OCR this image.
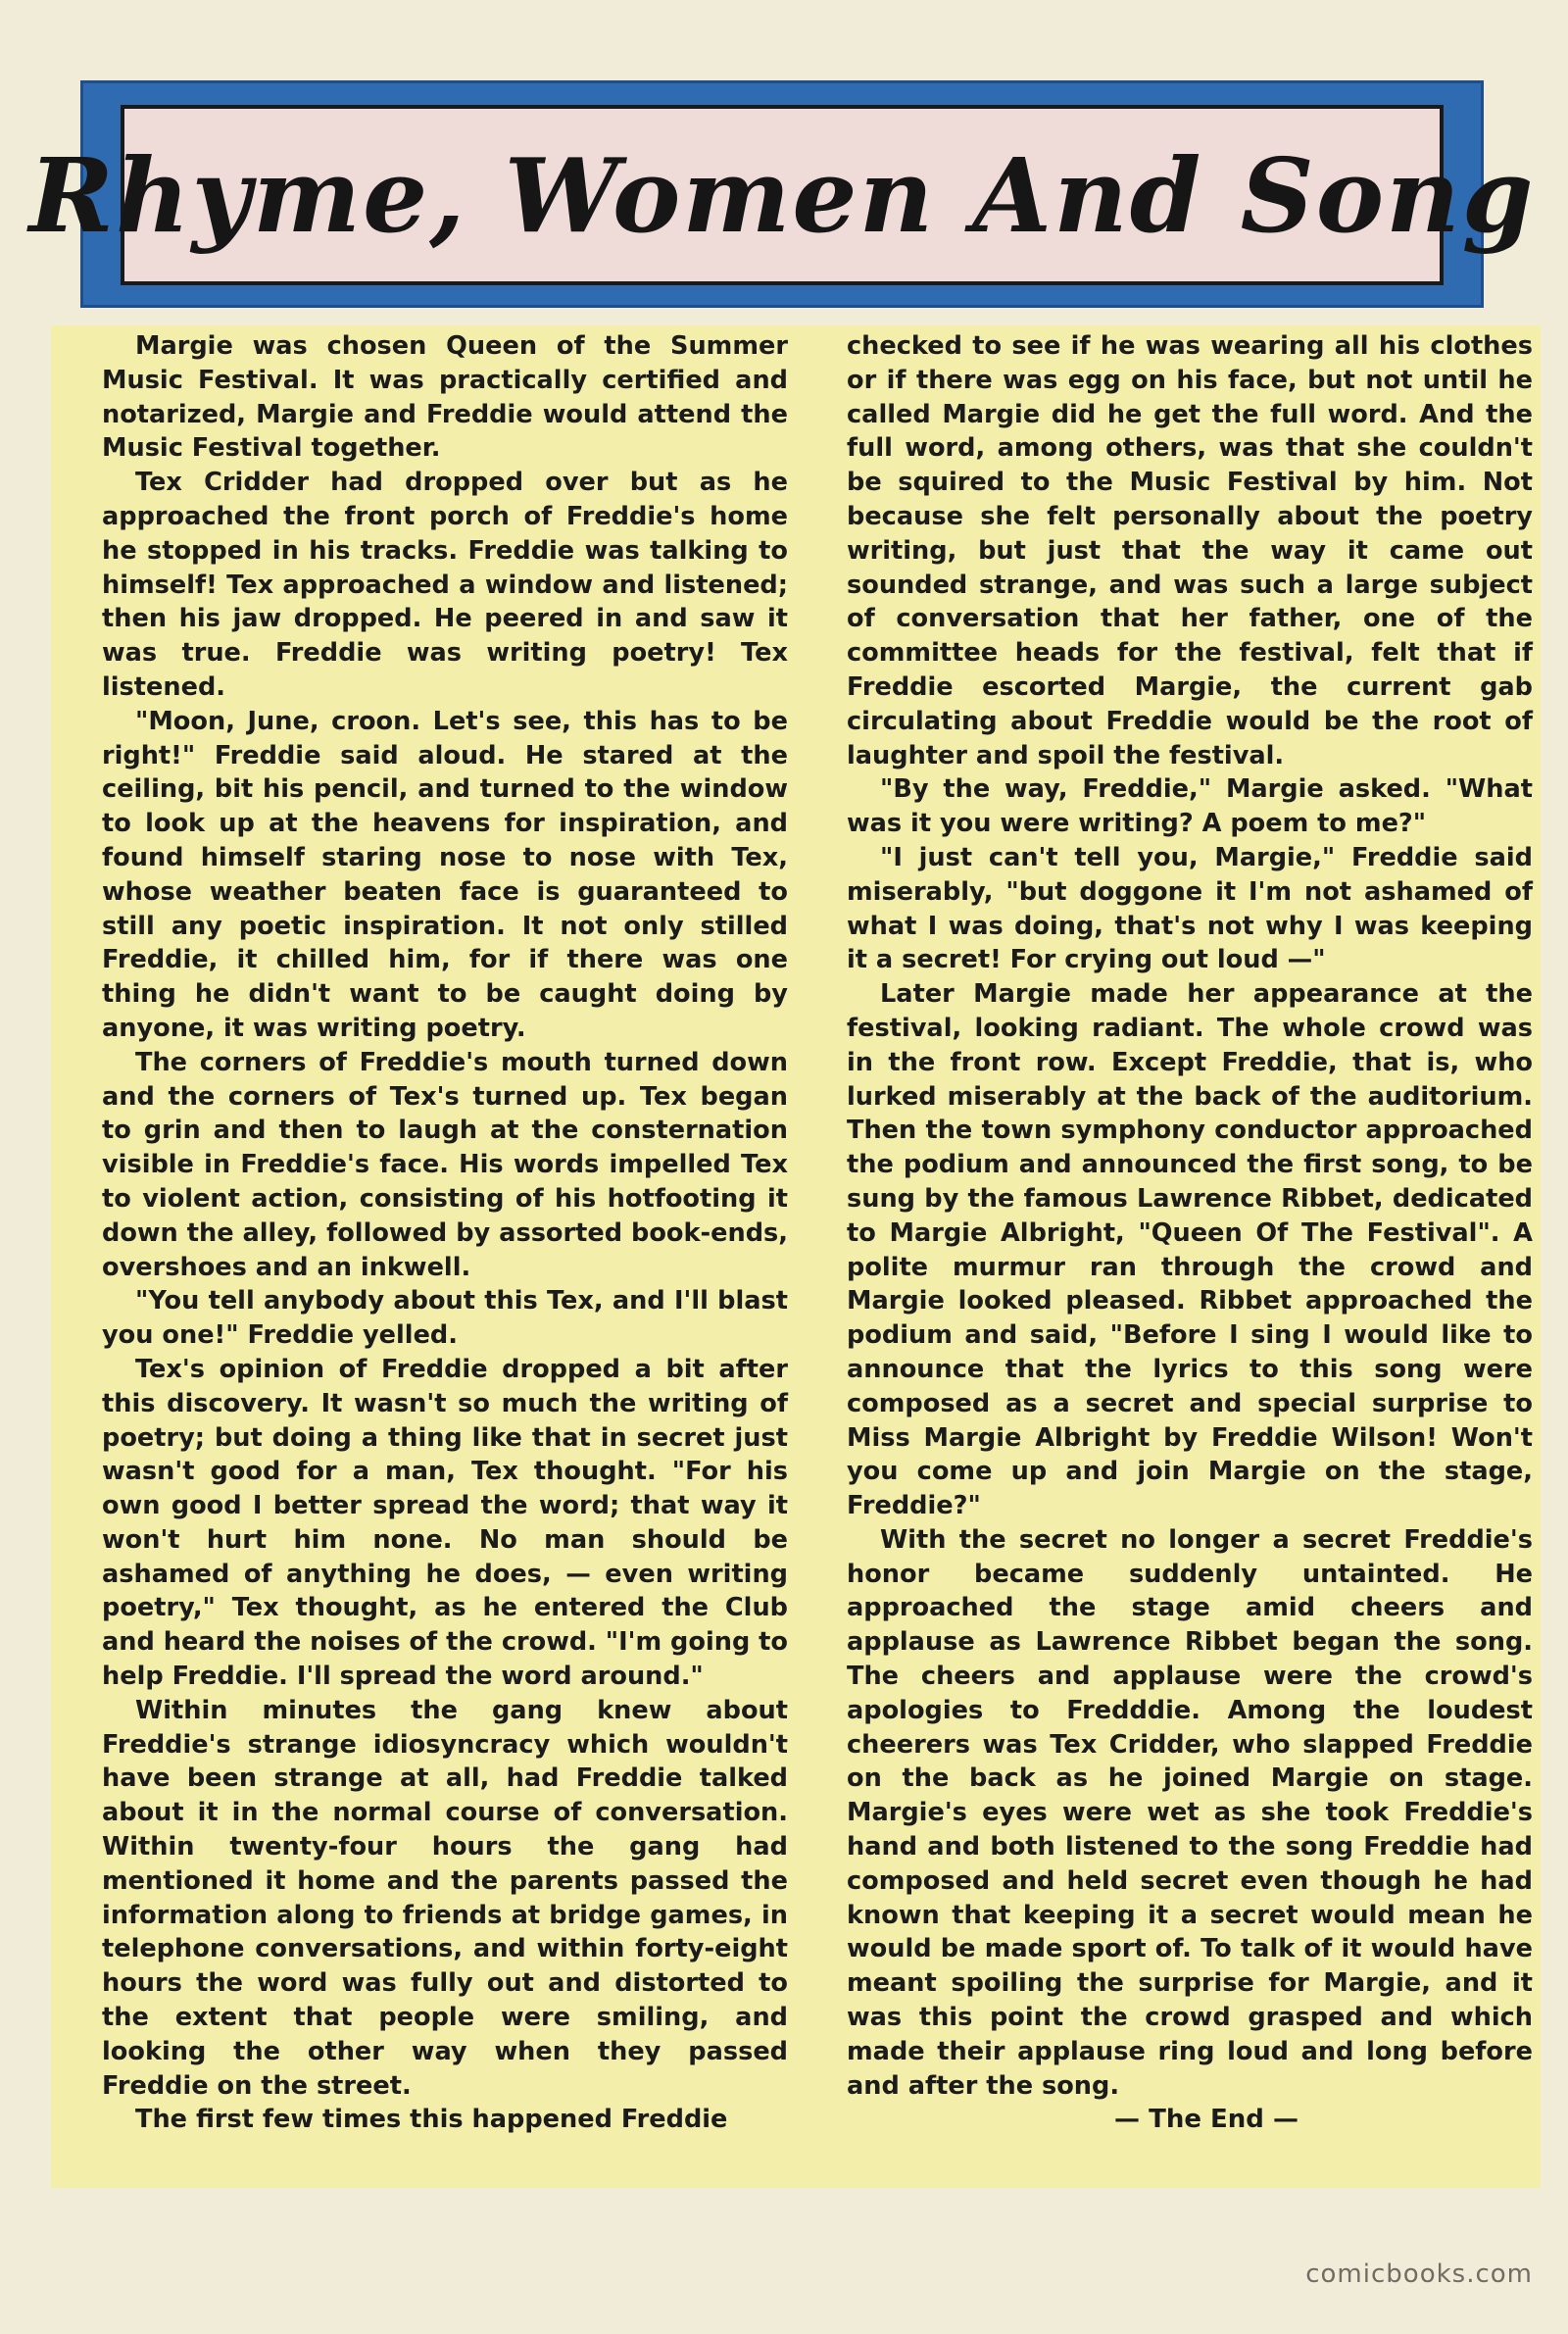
Rhyme, Women And Song

Margie was chosen Queen of the Summer Music Festival. It was practically certified and notarized, Margie and Freddie would attend the Music Festival together.

Tex Cridder had dropped over but as he approached the front porch of Freddie's home he stopped in his tracks. Freddie was talking to himself! Tex approached a window and listened; then his jaw dropped. He peered in and saw it was true. Freddie was writing poetry! Tex listened.

"Moon, June, croon. Let's see, this has to be right!" Freddie said aloud. He stared at the ceiling, bit his pencil, and turned to the window to look up at the heavens for inspiration, and found himself staring nose to nose with Tex, whose weather beaten face is guaranteed to still any poetic inspiration. It not only stilled Freddie, it chilled him, for if there was one thing he didn't want to be caught doing by anyone, it was writing poetry.

The corners of Freddie's mouth turned down and the corners of Tex's turned up. Tex began to grin and then to laugh at the consternation visible in Freddie's face. His words impelled Tex to violent action, consisting of his hotfooting it down the alley, followed by assorted book-ends, overshoes and an inkwell.

"You tell anybody about this Tex, and I'll blast you one!" Freddie yelled.

Tex's opinion of Freddie dropped a bit after this discovery. It wasn't so much the writing of poetry; but doing a thing like that in secret just wasn't good for a man, Tex thought. "For his own good I better spread the word; that way it won't hurt him none. No man should be ashamed of anything he does, — even writing poetry," Tex thought, as he entered the Club and heard the noises of the crowd. "I'm going to help Freddie. I'll spread the word around."

Within minutes the gang knew about Freddie's strange idiosyncracy which wouldn't have been strange at all, had Freddie talked about it in the normal course of conversation. Within twenty-four hours the gang had mentioned it home and the parents passed the information along to friends at bridge games, in telephone conversations, and within forty-eight hours the word was fully out and distorted to the extent that people were smiling, and looking the other way when they passed Freddie on the street.

The first few times this happened Freddie

checked to see if he was wearing all his clothes or if there was egg on his face, but not until he called Margie did he get the full word. And the full word, among others, was that she couldn't be squired to the Music Festival by him. Not because she felt personally about the poetry writing, but just that the way it came out sounded strange, and was such a large subject of conversation that her father, one of the committee heads for the festival, felt that if Freddie escorted Margie, the current gab circulating about Freddie would be the root of laughter and spoil the festival.

"By the way, Freddie," Margie asked. "What was it you were writing? A poem to me?"

"I just can't tell you, Margie," Freddie said miserably, "but doggone it I'm not ashamed of what I was doing, that's not why I was keeping it a secret! For crying out loud —"

Later Margie made her appearance at the festival, looking radiant. The whole crowd was in the front row. Except Freddie, that is, who lurked miserably at the back of the auditorium. Then the town symphony conductor approached the podium and announced the first song, to be sung by the famous Lawrence Ribbet, dedicated to Margie Albright, "Queen Of The Festival". A polite murmur ran through the crowd and Margie looked pleased. Ribbet approached the podium and said, "Before I sing I would like to announce that the lyrics to this song were composed as a secret and special surprise to Miss Margie Albright by Freddie Wilson! Won't you come up and join Margie on the stage, Freddie?"

With the secret no longer a secret Freddie's honor became suddenly untainted. He approached the stage amid cheers and applause as Lawrence Ribbet began the song. The cheers and applause were the crowd's apologies to Fredddie. Among the loudest cheerers was Tex Cridder, who slapped Freddie on the back as he joined Margie on stage. Margie's eyes were wet as she took Freddie's hand and both listened to the song Freddie had composed and held secret even though he had known that keeping it a secret would mean he would be made sport of. To talk of it would have meant spoiling the surprise for Margie, and it was this point the crowd grasped and which made their applause ring loud and long before and after the song.

— The End —

comicbooks.com
